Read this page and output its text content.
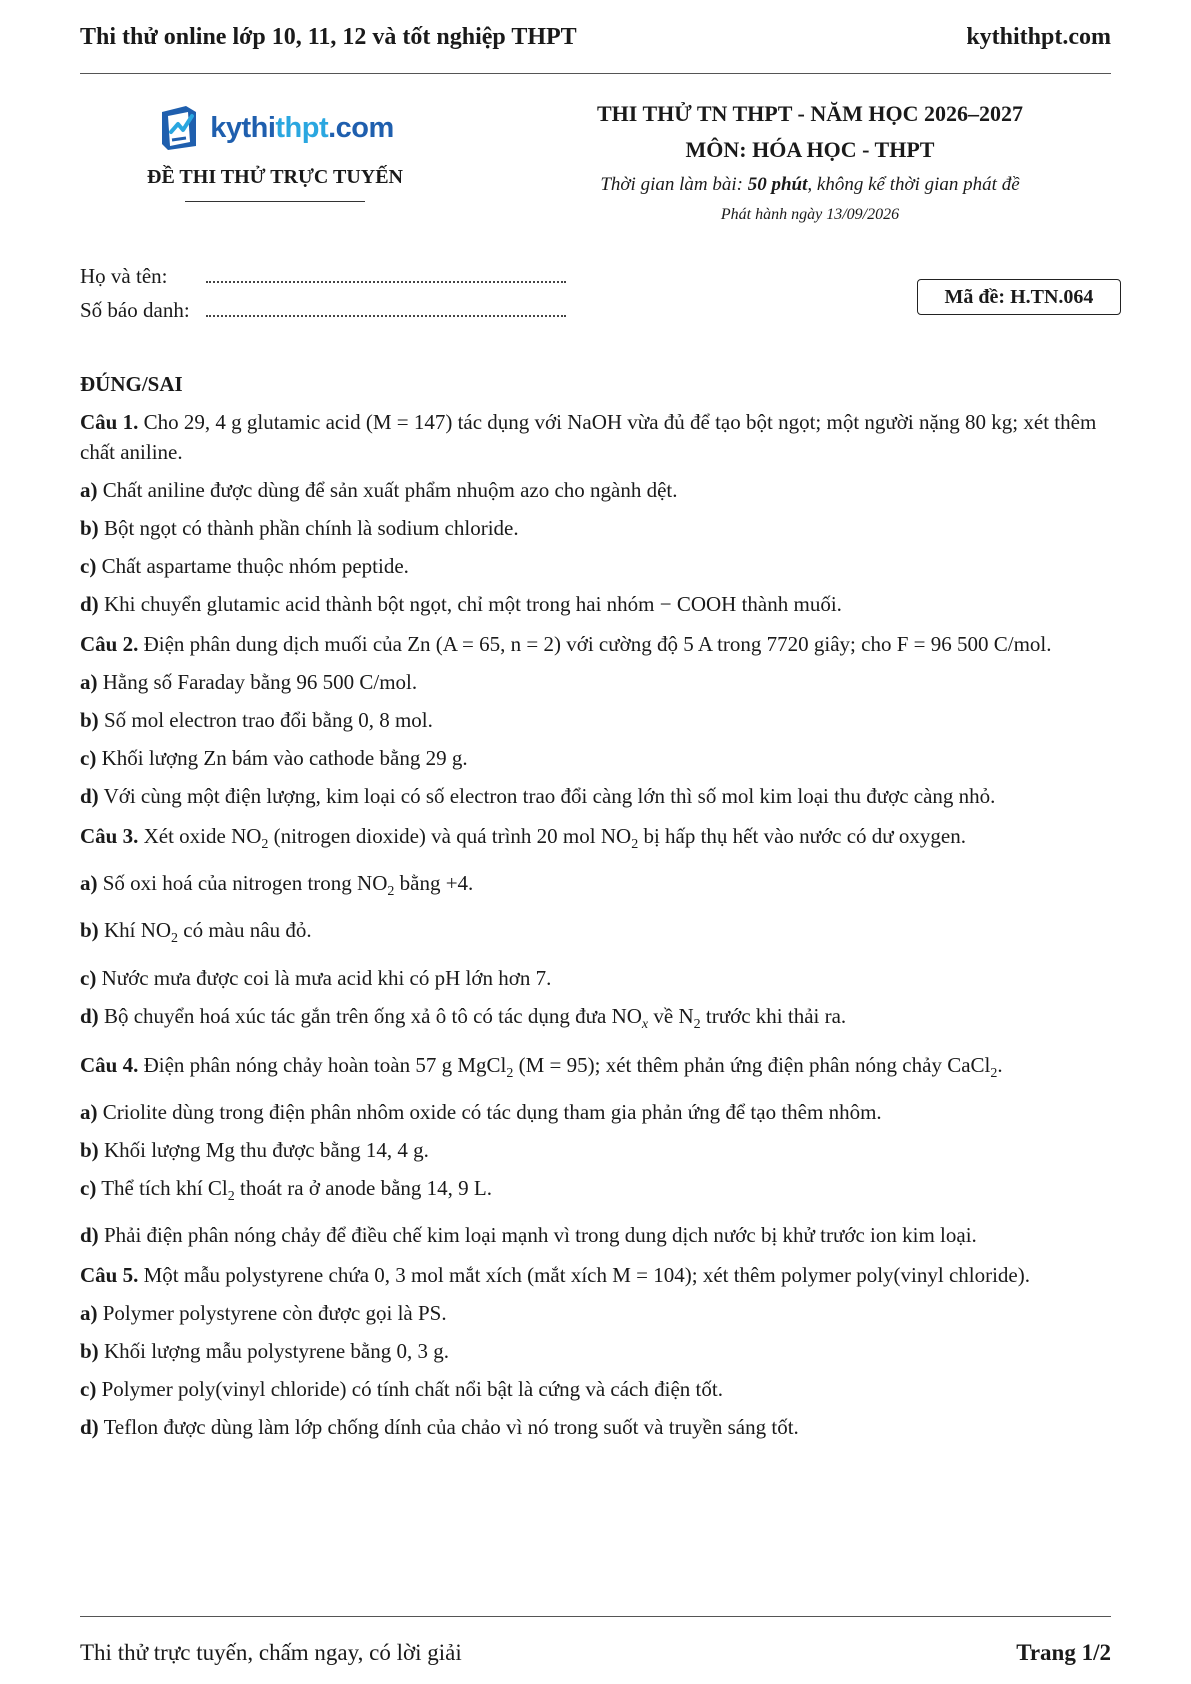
Thi thử online lớp 10, 11, 12 và tốt nghiệp THPT	kythithpt.com
kythithpt.com
ĐỀ THI THỬ TRỰC TUYẾN
THI THỬ TN THPT - NĂM HỌC 2026–2027
MÔN: HÓA HỌC - THPT
Thời gian làm bài: 50 phút, không kể thời gian phát đề
Phát hành ngày 13/09/2026
Họ và tên:
Số báo danh:
Mã đề: H.TN.064
ĐÚNG/SAI
Câu 1. Cho 29, 4 g glutamic acid (M = 147) tác dụng với NaOH vừa đủ để tạo bột ngọt; một người nặng 80 kg; xét thêm chất aniline.
a) Chất aniline được dùng để sản xuất phẩm nhuộm azo cho ngành dệt.
b) Bột ngọt có thành phần chính là sodium chloride.
c) Chất aspartame thuộc nhóm peptide.
d) Khi chuyển glutamic acid thành bột ngọt, chỉ một trong hai nhóm − COOH thành muối.
Câu 2. Điện phân dung dịch muối của Zn (A = 65, n = 2) với cường độ 5 A trong 7720 giây; cho F = 96 500 C/mol.
a) Hằng số Faraday bằng 96 500 C/mol.
b) Số mol electron trao đổi bằng 0, 8 mol.
c) Khối lượng Zn bám vào cathode bằng 29 g.
d) Với cùng một điện lượng, kim loại có số electron trao đổi càng lớn thì số mol kim loại thu được càng nhỏ.
Câu 3. Xét oxide $NO_2$ (nitrogen dioxide) và quá trình 20 mol $NO_2$ bị hấp thụ hết vào nước có dư oxygen.
a) Số oxi hoá của nitrogen trong $NO_2$ bằng +4.
b) Khí $NO_2$ có màu nâu đỏ.
c) Nước mưa được coi là mưa acid khi có pH lớn hơn 7.
d) Bộ chuyển hoá xúc tác gắn trên ống xả ô tô có tác dụng đưa $NO_x$ về $N_2$ trước khi thải ra.
Câu 4. Điện phân nóng chảy hoàn toàn 57 g MgCl$_2$ (M = 95); xét thêm phản ứng điện phân nóng chảy CaCl$_2$.
a) Criolite dùng trong điện phân nhôm oxide có tác dụng tham gia phản ứng để tạo thêm nhôm.
b) Khối lượng Mg thu được bằng 14, 4 g.
c) Thể tích khí $Cl_2$ thoát ra ở anode bằng 14, 9 L.
d) Phải điện phân nóng chảy để điều chế kim loại mạnh vì trong dung dịch nước bị khử trước ion kim loại.
Câu 5. Một mẫu polystyrene chứa 0, 3 mol mắt xích (mắt xích M = 104); xét thêm polymer poly(vinyl chloride).
a) Polymer polystyrene còn được gọi là PS.
b) Khối lượng mẫu polystyrene bằng 0, 3 g.
c) Polymer poly(vinyl chloride) có tính chất nổi bật là cứng và cách điện tốt.
d) Teflon được dùng làm lớp chống dính của chảo vì nó trong suốt và truyền sáng tốt.
Thi thử trực tuyến, chấm ngay, có lời giải	Trang 1/2
